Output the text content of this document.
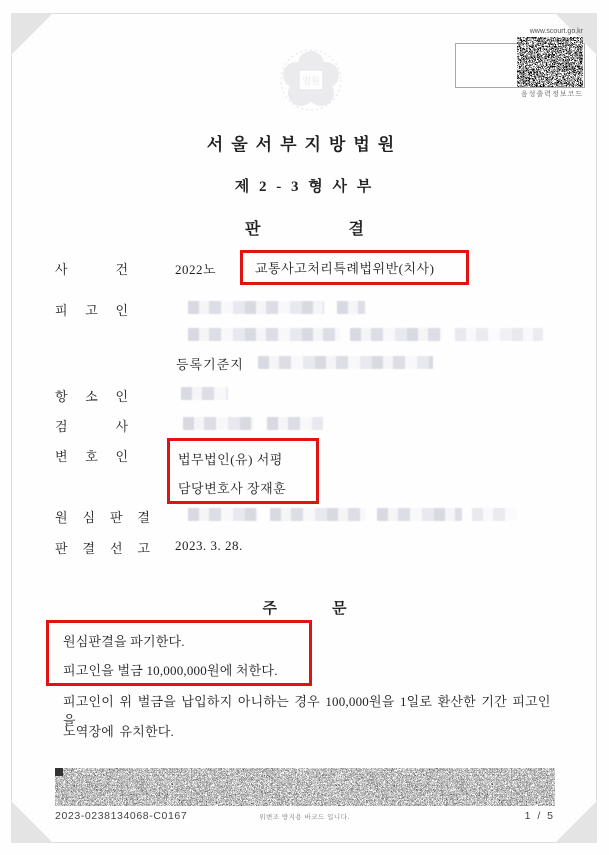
법원
www.scourt.go.kr
음성출력정보코드
서울서부지방법원
제 2 - 3 형 사 부
판	결
사	건	2022노	교통사고처리특례법위반(치사)
피 고 인
등록기준지
항 소 인
검	사
변 호 인	법무법인(유) 서평
담당변호사 장재훈
원 심 판 결
판 결 선 고 2023. 3. 28.
주	문
원심판결을 파기한다.
피고인을 벌금 10,000,000원에 처한다.
피고인이 위 벌금을 납입하지 아니하는 경우 100,000원을 1일로 환산한 기간 피고인을
노역장에 유치한다.
2023-0238134068-C0167	위변조 방지용 바코드 입니다.	1 / 5
